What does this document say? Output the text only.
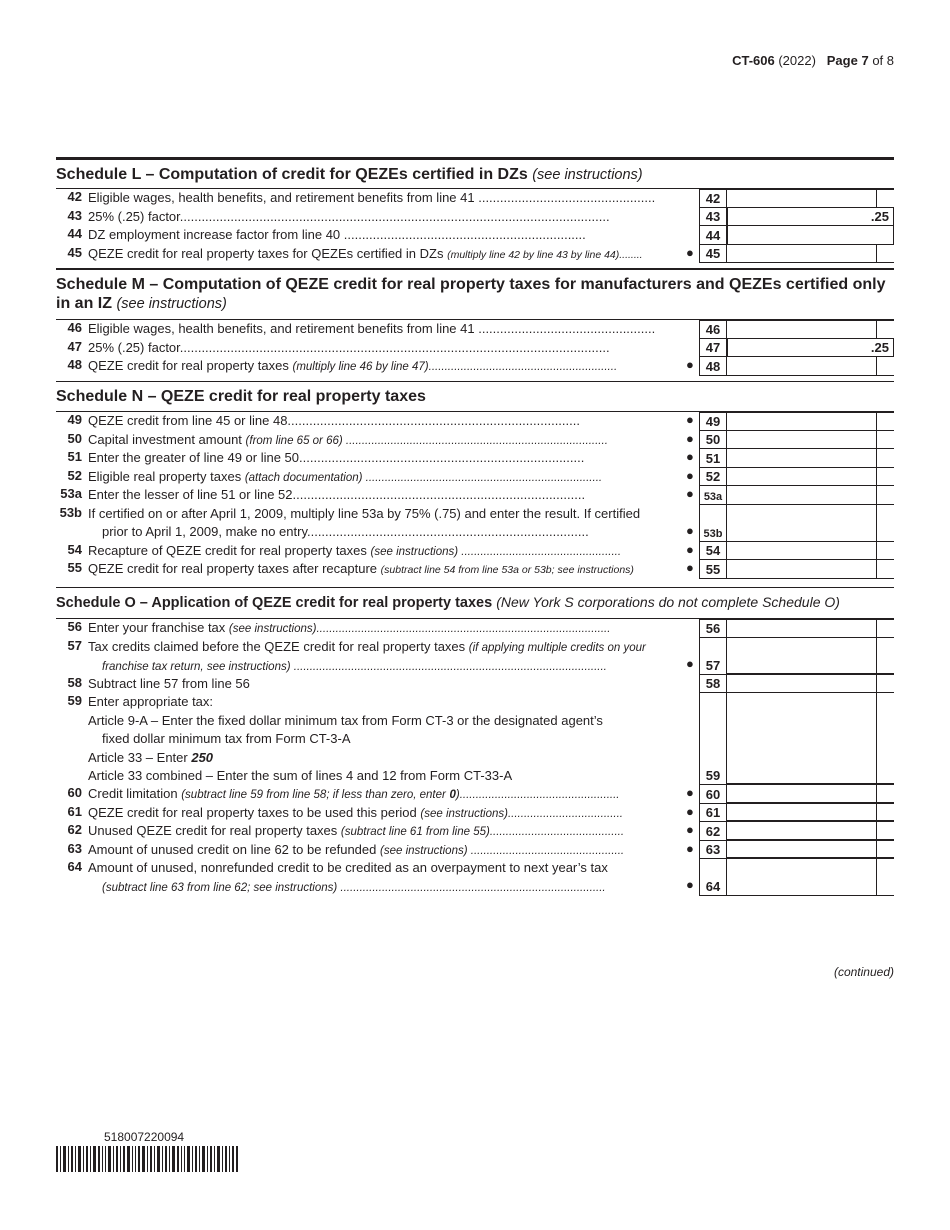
CT-606 (2022) Page 7 of 8
Schedule L – Computation of credit for QEZEs certified in DZs (see instructions)
42 Eligible wages, health benefits, and retirement benefits from line 41 .................................................	42
43 25% (.25) factor.......................................................................................................................	43	.25
44 DZ employment increase factor from line 40 ...................................................................	44
45 QEZE credit for real property taxes for QEZEs certified in DZs (multiply line 42 by line 43 by line 44)........	● 45
Schedule M – Computation of QEZE credit for real property taxes for manufacturers and QEZEs certified only in an IZ (see instructions)
46 Eligible wages, health benefits, and retirement benefits from line 41 .................................................	46
47 25% (.25) factor.......................................................................................................................	47	.25
48 QEZE credit for real property taxes (multiply line 46 by line 47)...........................................................	● 48
Schedule N – QEZE credit for real property taxes
49 QEZE credit from line 45 or line 48.................................................................................	● 49
50 Capital investment amount (from line 65 or 66) ..................................................................................	● 50
51 Enter the greater of line 49 or line 50...............................................................................	● 51
52 Eligible real property taxes (attach documentation) ..........................................................................	● 52
53a Enter the lesser of line 51 or line 52.................................................................................	● 53a
53b If certified on or after April 1, 2009, multiply line 53a by 75% (.75) and enter the result. If certified
prior to April 1, 2009, make no entry..............................................................................	● 53b
54 Recapture of QEZE credit for real property taxes (see instructions) ..................................................	● 54
55 QEZE credit for real property taxes after recapture (subtract line 54 from line 53a or 53b; see instructions)	● 55
Schedule O – Application of QEZE credit for real property taxes (New York S corporations do not complete Schedule O)
56 Enter your franchise tax (see instructions)............................................................................................	56
57 Tax credits claimed before the QEZE credit for real property taxes (if applying multiple credits on your
franchise tax return, see instructions) ..................................................................................................	● 57
58 Subtract line 57 from line 56	58
59 Enter appropriate tax:
Article 9-A – Enter the fixed dollar minimum tax from Form CT-3 or the designated agent’s
fixed dollar minimum tax from Form CT-3-A
Article 33 – Enter 250
Article 33 combined – Enter the sum of lines 4 and 12 from Form CT-33-A	59
60 Credit limitation (subtract line 59 from line 58; if less than zero, enter 0)..................................................	● 60
61 QEZE credit for real property taxes to be used this period (see instructions)....................................	● 61
62 Unused QEZE credit for real property taxes (subtract line 61 from line 55)..........................................	● 62
63 Amount of unused credit on line 62 to be refunded (see instructions) ................................................	● 63
64 Amount of unused, nonrefunded credit to be credited as an overpayment to next year’s tax
(subtract line 63 from line 62; see instructions) ...................................................................................	● 64
(continued)
518007220094
